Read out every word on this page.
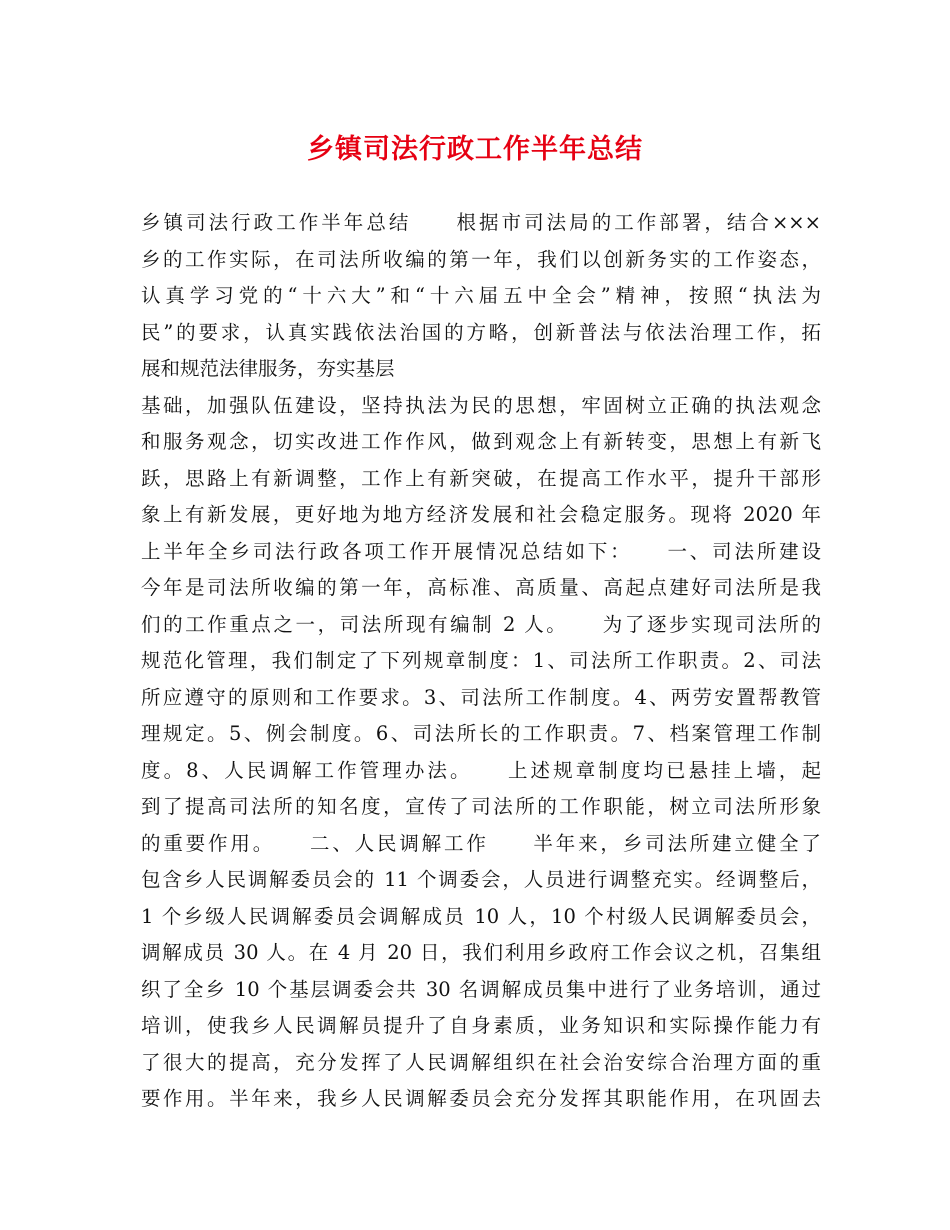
乡镇司法行政工作半年总结
乡镇司法行政工作半年总结　　根据市司法局的工作部署，结合×××
乡的工作实际，在司法所收编的第一年，我们以创新务实的工作姿态，
认真学习党的“十六大”和“十六届五中全会”精神，按照“执法为
民”的要求，认真实践依法治国的方略，创新普法与依法治理工作，拓
展和规范法律服务，夯实基层
基础，加强队伍建设，坚持执法为民的思想，牢固树立正确的执法观念
和服务观念，切实改进工作作风，做到观念上有新转变，思想上有新飞
跃，思路上有新调整，工作上有新突破，在提高工作水平，提升干部形
象上有新发展，更好地为地方经济发展和社会稳定服务。现将 2020 年
上半年全乡司法行政各项工作开展情况总结如下：　　一、司法所建设
今年是司法所收编的第一年，高标准、高质量、高起点建好司法所是我
们的工作重点之一，司法所现有编制 2 人。　　为了逐步实现司法所的
规范化管理，我们制定了下列规章制度：1、司法所工作职责。2、司法
所应遵守的原则和工作要求。3、司法所工作制度。4、两劳安置帮教管
理规定。5、例会制度。6、司法所长的工作职责。7、档案管理工作制
度。8、人民调解工作管理办法。　　上述规章制度均已悬挂上墙，起
到了提高司法所的知名度，宣传了司法所的工作职能，树立司法所形象
的重要作用。　　二、人民调解工作　　半年来，乡司法所建立健全了
包含乡人民调解委员会的 11 个调委会，人员进行调整充实。经调整后，
1 个乡级人民调解委员会调解成员 10 人，10 个村级人民调解委员会，
调解成员 30 人。在 4 月 20 日，我们利用乡政府工作会议之机，召集组
织了全乡 10 个基层调委会共 30 名调解成员集中进行了业务培训，通过
培训，使我乡人民调解员提升了自身素质，业务知识和实际操作能力有
了很大的提高，充分发挥了人民调解组织在社会治安综合治理方面的重
要作用。半年来，我乡人民调解委员会充分发挥其职能作用，在巩固去
